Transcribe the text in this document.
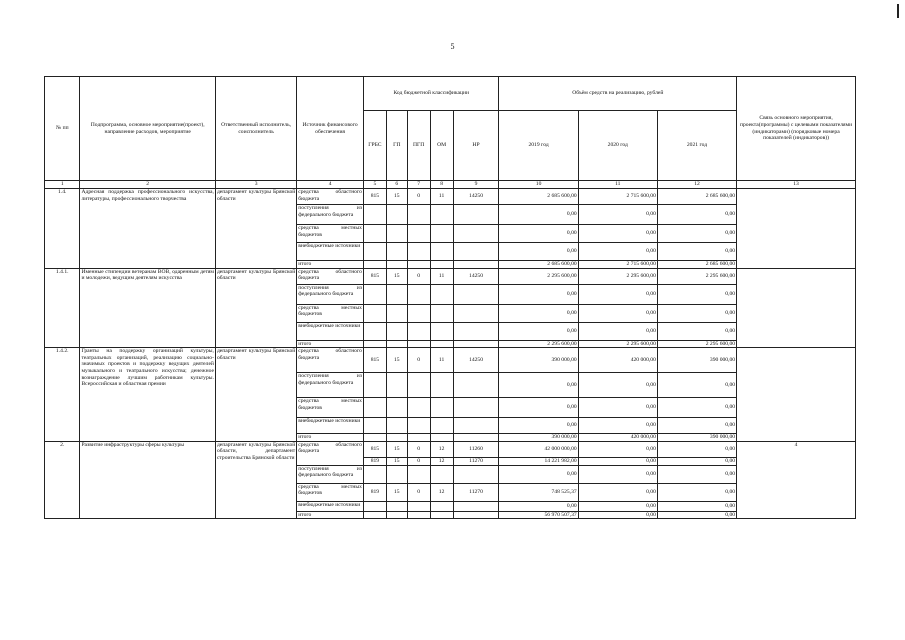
5
№ пп	Подпрограмма, основное мероприятие(проект), направление расходов, мероприятие	Ответственный исполнитель, соисполнитель	Источник финансового обеспечения	Код бюджетной классификации					Объём средств на реализацию, рублей			Связь основного мероприятия, проекта(программы) с целевыми показателями (индикаторами) (порядковые номера показателей (индикаторов))
				ГРБС	ГП	ПГП	ОМ	НР	2019 год	2020 год	2021 год	
1	2	3	4	5	6	7	8	9	10	11	12	13
1.4.	Адресная поддержка профессионального искусства, литературы, профессионального творчества	департамент культуры Брянской области	средства областного бюджета	815	15	0	11	14250	2 685 600,00	2 715 600,00	2 685 600,00	
			поступления из федерального бюджета						0,00	0,00	0,00	
			средства местных бюджетов						0,00	0,00	0,00	
			внебюджетные источники						0,00	0,00	0,00	
			итого						2 685 600,00	2 715 600,00	2 685 600,00	
1.4.1.	Именные стипендии ветеранам ВОВ, одаренным детям и молодежи, ведущим деятелям искусства	департамент культуры Брянской области	средства областного бюджета	815	15	0	11	14250	2 295 600,00	2 295 600,00	2 295 600,00	
			поступления из федерального бюджета						0,00	0,00	0,00	
			средства местных бюджетов						0,00	0,00	0,00	
			внебюджетные источники						0,00	0,00	0,00	
			итого						2 295 600,00	2 295 600,00	2 295 600,00	
1.4.2.	Гранты на поддержку организаций культуры, театральных организаций, реализацию социально-значимых проектов и поддержку ведущих деятелей музыкального и театрального искусства; денежное вознаграждение лучшим работникам культуры. Всероссийская и областная премии	департамент культуры Брянской области	средства областного бюджета	815	15	0	11	14250	390 000,00	420 000,00	390 000,00	
			поступления из федерального бюджета						0,00	0,00	0,00	
			средства местных бюджетов						0,00	0,00	0,00	
			внебюджетные источники						0,00	0,00	0,00	
			итого						390 000,00	420 000,00	390 000,00	
2.	Развитие инфраструктуры сферы культуры	департамент культуры Брянской области, департамент строительства Брянской области	средства областного бюджета	815	15	0	12	11260	42 000 000,00	0,00	0,00	4
				819	15	0	12	11270	14 221 982,00	0,00	0,00	
			поступления из федерального бюджета						0,00	0,00	0,00	
			средства местных бюджетов	819	15	0	12	11270	748 525,37	0,00	0,00	
			внебюджетные источники						0,00	0,00	0,00	
			итого						56 970 507,37	0,00	0,00	
